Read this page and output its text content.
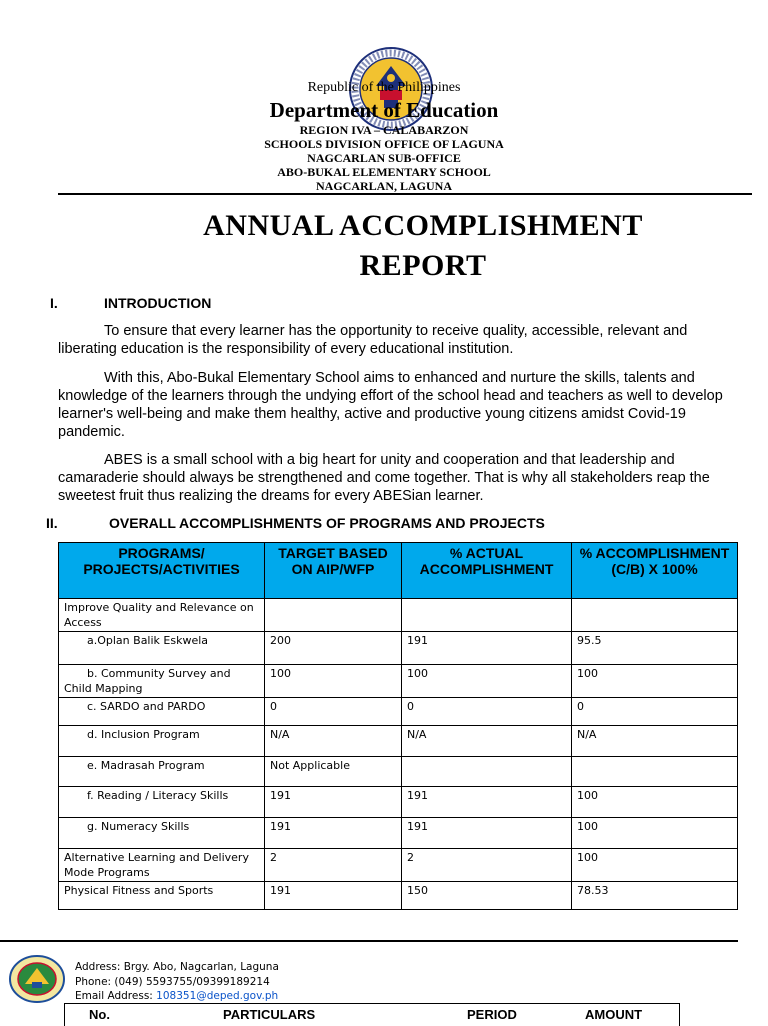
Republic of the Philippines
Department of Education
REGION IVA – CALABARZON
SCHOOLS DIVISION OFFICE OF LAGUNA
NAGCARLAN SUB-OFFICE
ABO-BUKAL ELEMENTARY SCHOOL
NAGCARLAN, LAGUNA
ANNUAL ACCOMPLISHMENT
REPORT
I.	INTRODUCTION
To ensure that every learner has the opportunity to receive quality, accessible, relevant and liberating education is the responsibility of every educational institution.
With this, Abo-Bukal Elementary School aims to enhanced and nurture the skills, talents and knowledge of the learners through the undying effort of the school head and teachers as well to develop learner's well-being and make them healthy, active and productive young citizens amidst Covid-19 pandemic.
ABES is a small school with a big heart for unity and cooperation and that leadership and camaraderie should always be strengthened and come together. That is why all stakeholders reap the sweetest fruit thus realizing the dreams for every ABESian learner.
II.	OVERALL ACCOMPLISHMENTS OF PROGRAMS AND PROJECTS
PROGRAMS/ PROJECTS/ACTIVITIES	TARGET BASED ON AIP/WFP	% ACTUAL ACCOMPLISHMENT	% ACCOMPLISHMENT (C/B) X 100%
Improve Quality and Relevance on Access			
a.Oplan Balik Eskwela	200	191	95.5
b. Community Survey and Child Mapping	100	100	100
c. SARDO and PARDO	0	0	0
d. Inclusion Program	N/A	N/A	N/A
e. Madrasah Program	Not Applicable		
f. Reading / Literacy Skills	191	191	100
g. Numeracy Skills	191	191	100
Alternative Learning and Delivery Mode Programs	2	2	100
Physical Fitness and Sports	191	150	78.53
Address: Brgy. Abo, Nagcarlan, Laguna
Phone: (049) 5593755/09399189214
Email Address: 108351@deped.gov.ph
No.	PARTICULARS	PERIOD	AMOUNT
